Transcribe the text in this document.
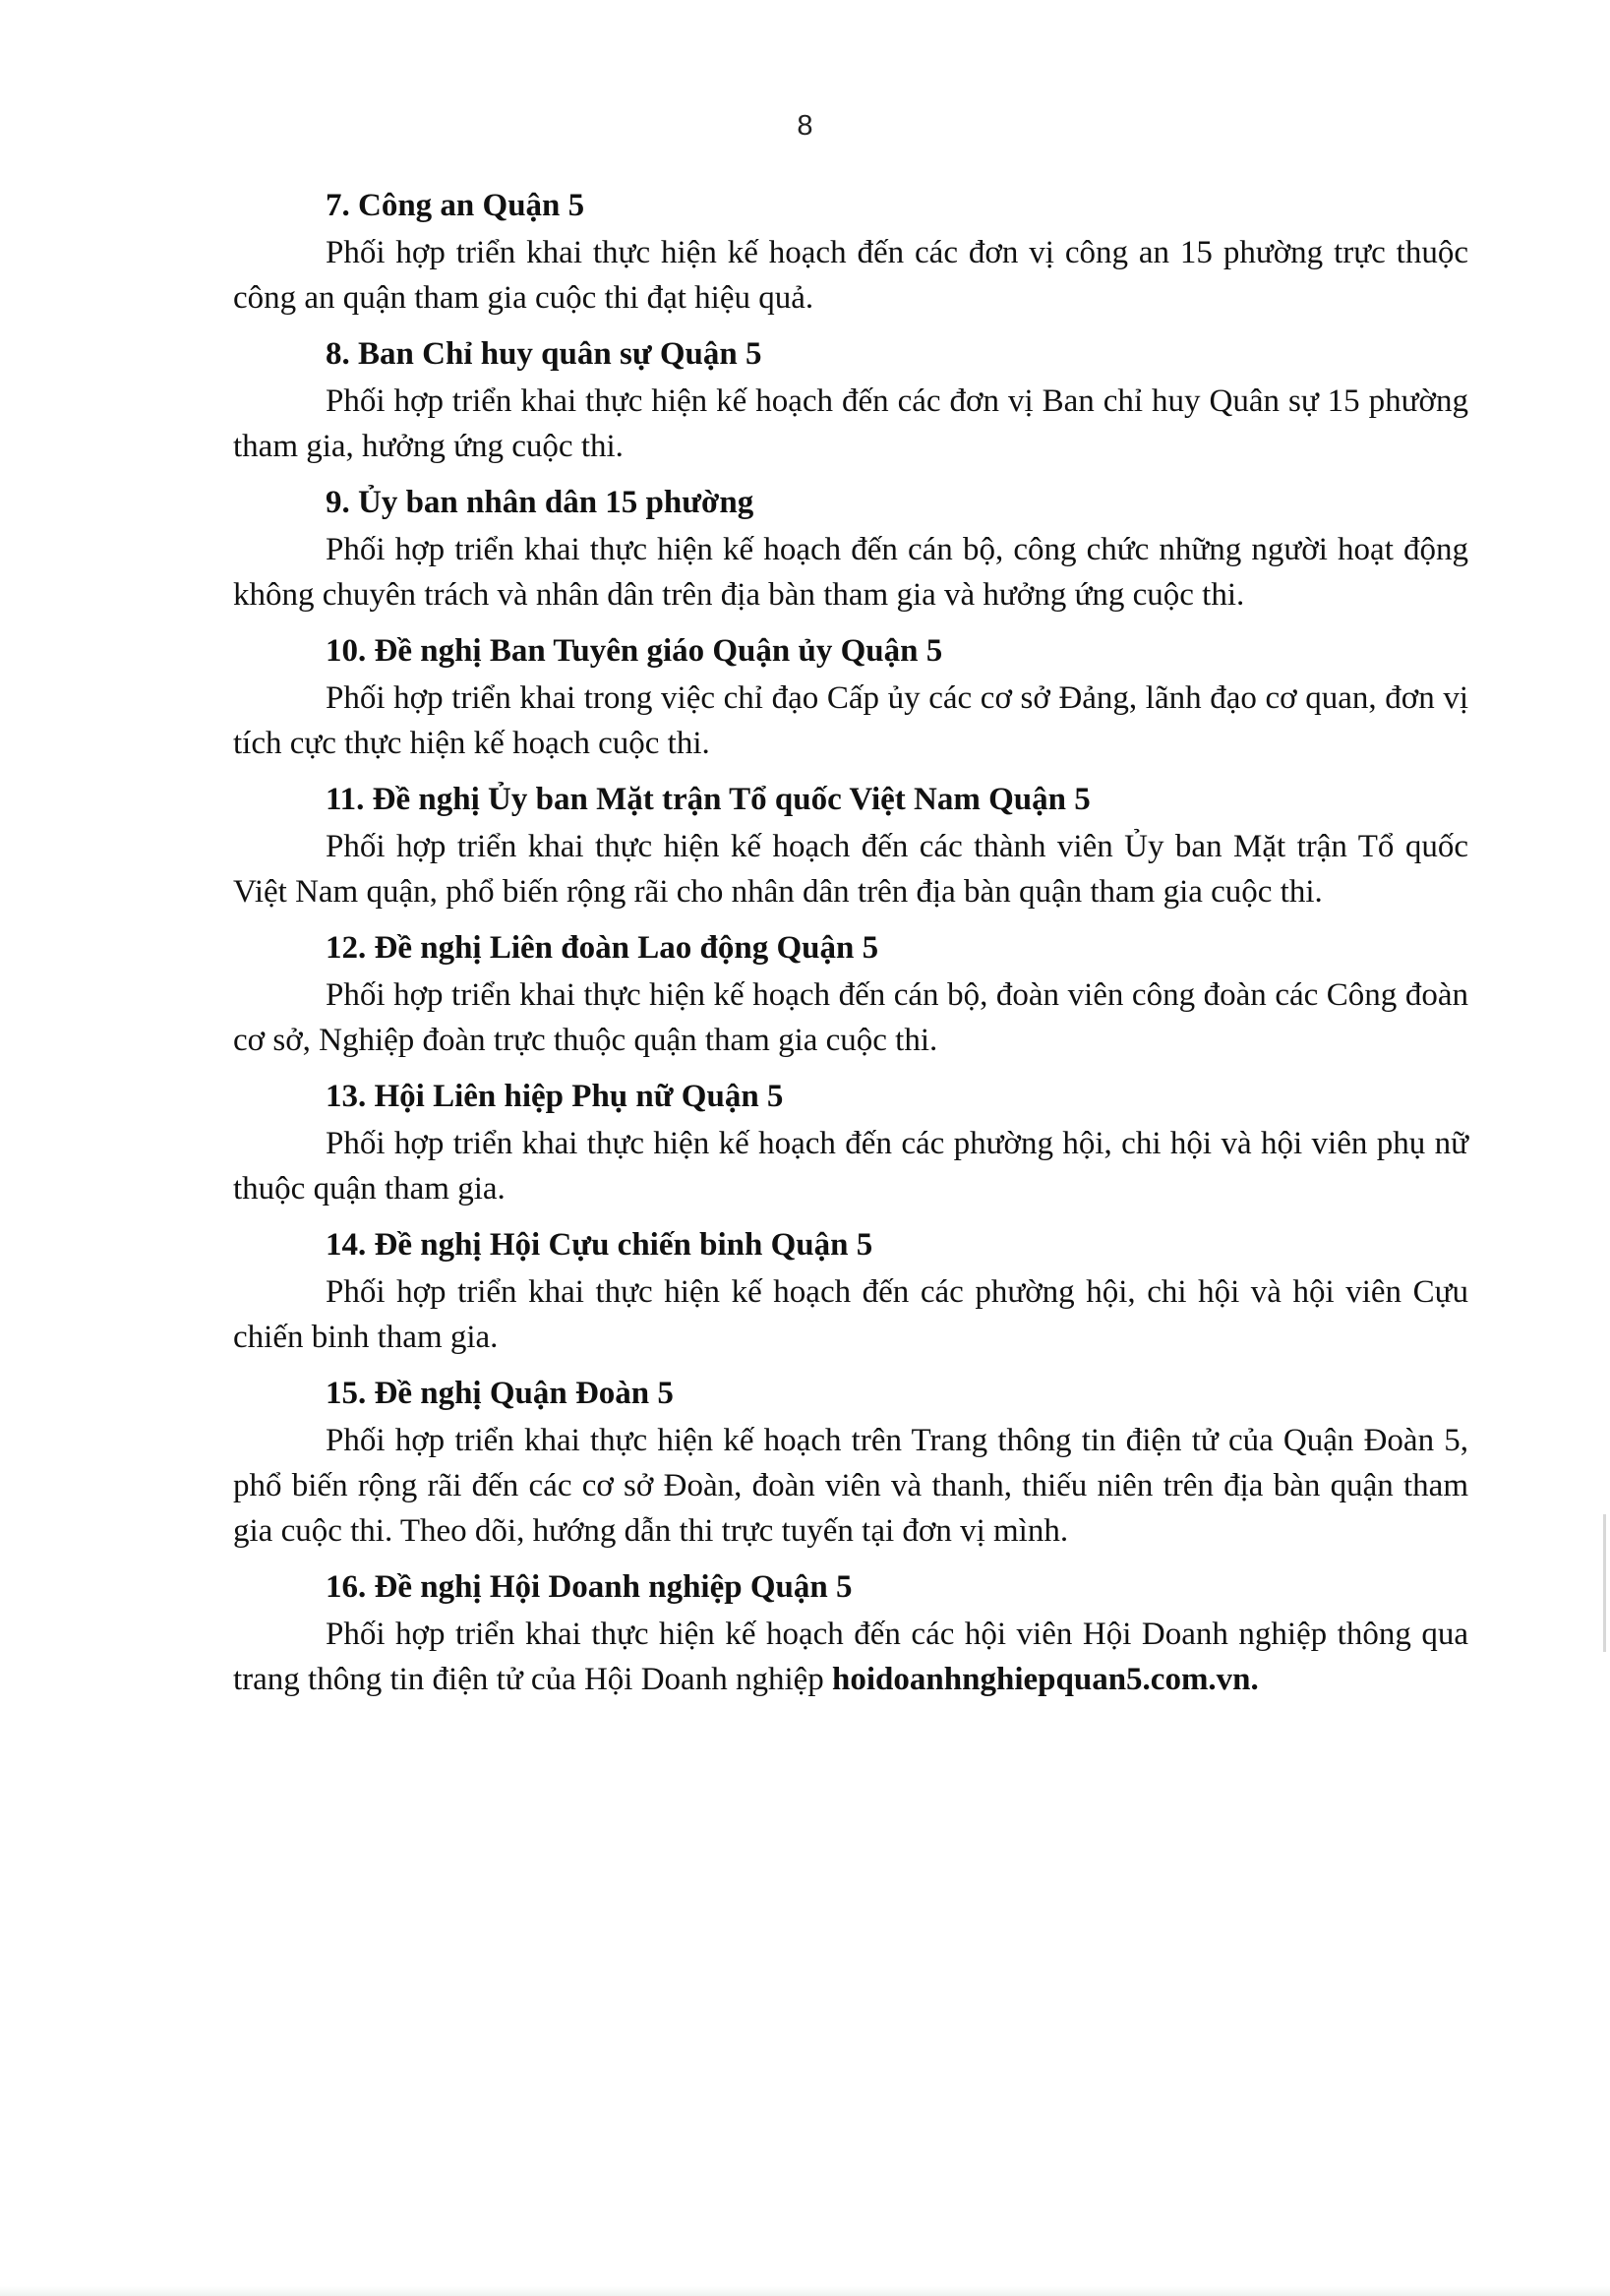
8

7. Công an Quận 5

Phối hợp triển khai thực hiện kế hoạch đến các đơn vị công an 15 phường trực thuộc công an quận tham gia cuộc thi đạt hiệu quả.

8. Ban Chỉ huy quân sự Quận 5

Phối hợp triển khai thực hiện kế hoạch đến các đơn vị Ban chỉ huy Quân sự 15 phường tham gia, hưởng ứng cuộc thi.

9. Ủy ban nhân dân 15 phường

Phối hợp triển khai thực hiện kế hoạch đến cán bộ, công chức những người hoạt động không chuyên trách và nhân dân trên địa bàn tham gia và hưởng ứng cuộc thi.

10. Đề nghị Ban Tuyên giáo Quận ủy Quận 5

Phối hợp triển khai trong việc chỉ đạo Cấp ủy các cơ sở Đảng, lãnh đạo cơ quan, đơn vị tích cực thực hiện kế hoạch cuộc thi.

11. Đề nghị Ủy ban Mặt trận Tổ quốc Việt Nam Quận 5

Phối hợp triển khai thực hiện kế hoạch đến các thành viên Ủy ban Mặt trận Tổ quốc Việt Nam quận, phổ biến rộng rãi cho nhân dân trên địa bàn quận tham gia cuộc thi.

12. Đề nghị Liên đoàn Lao động Quận 5

Phối hợp triển khai thực hiện kế hoạch đến cán bộ, đoàn viên công đoàn các Công đoàn cơ sở, Nghiệp đoàn trực thuộc quận tham gia cuộc thi.

13. Hội Liên hiệp Phụ nữ Quận 5

Phối hợp triển khai thực hiện kế hoạch đến các phường hội, chi hội và hội viên phụ nữ thuộc quận tham gia.

14. Đề nghị Hội Cựu chiến binh Quận 5

Phối hợp triển khai thực hiện kế hoạch đến các phường hội, chi hội và hội viên Cựu chiến binh tham gia.

15. Đề nghị Quận Đoàn 5

Phối hợp triển khai thực hiện kế hoạch trên Trang thông tin điện tử của Quận Đoàn 5, phổ biến rộng rãi đến các cơ sở Đoàn, đoàn viên và thanh, thiếu niên trên địa bàn quận tham gia cuộc thi. Theo dõi, hướng dẫn thi trực tuyến tại đơn vị mình.

16. Đề nghị Hội Doanh nghiệp Quận 5

Phối hợp triển khai thực hiện kế hoạch đến các hội viên Hội Doanh nghiệp thông qua trang thông tin điện tử của Hội Doanh nghiệp hoidoanhnghiepquan5.com.vn.
